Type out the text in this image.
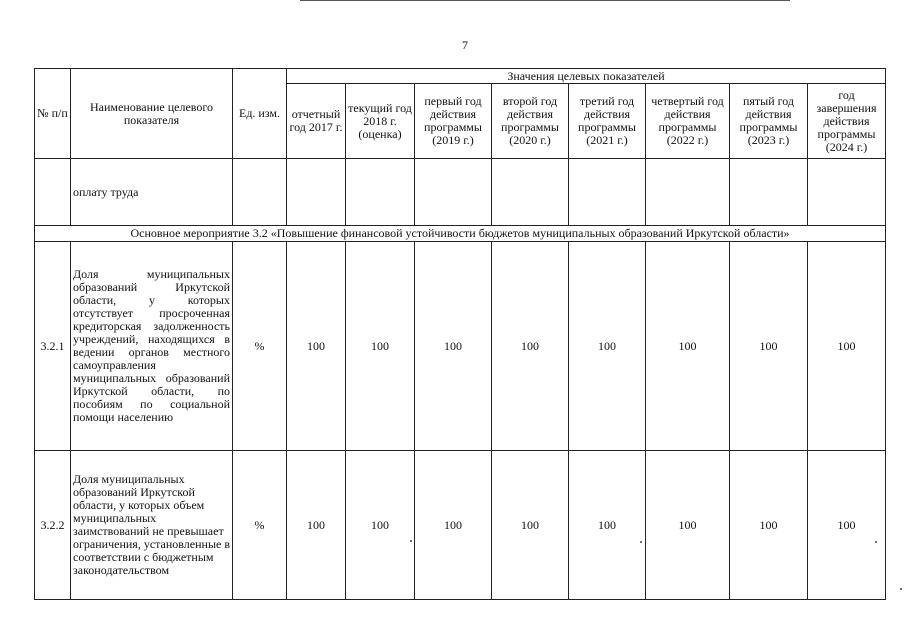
7
№ п/п	Наименование целевого показателя	Ед. изм.	Значения целевых показателей							
			отчетный год 2017 г.	текущий год 2018 г. (оценка)	первый год действия программы (2019 г.)	второй год действия программы (2020 г.)	третий год действия программы (2021 г.)	четвертый год действия программы (2022 г.)	пятый год действия программы (2023 г.)	год завершения действия программы (2024 г.)
	оплату труда									
Основное мероприятие 3.2 «Повышение финансовой устойчивости бюджетов муниципальных образований Иркутской области»										
3.2.1	Доля муниципальных образований Иркутской области, у которых отсутствует просроченная кредиторская задолженность учреждений, находящихся в ведении органов местного самоуправления муниципальных образований Иркутской области, по пособиям по социальной помощи населению	%	100	100	100	100	100	100	100	100
3.2.2	Доля муниципальных образований Иркутской области, у которых объем муниципальных заимствований не превышает ограничения, установленные в соответствии с бюджетным законодательством	%	100	100	100	100	100	100	100	100
